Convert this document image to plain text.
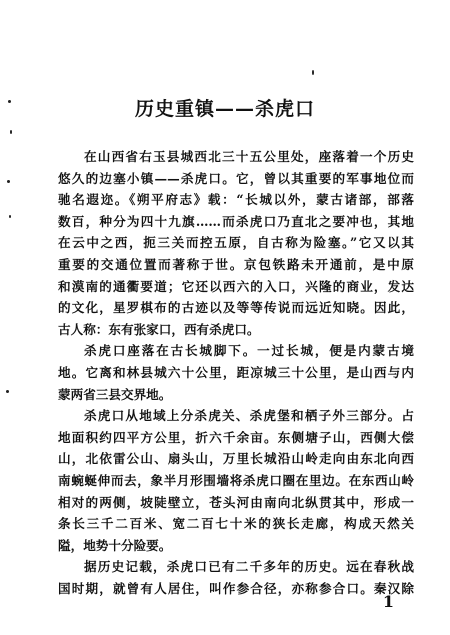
历史重镇——杀虎口
在山西省右玉县城西北三十五公里处，座落着一个历史
悠久的边塞小镇——杀虎口。它，曾以其重要的军事地位而
驰名遐迩。《朔平府志》载：“长城以外，蒙古诸部，部落
数百，种分为四十九旗……而杀虎口乃直北之要冲也，其地
在云中之西，扼三关而控五原，自古称为险塞。”它又以其
重要的交通位置而著称于世。京包铁路未开通前，是中原
和漠南的通衢要道；它还以西六的入口，兴隆的商业，发达
的文化，星罗棋布的古迹以及等等传说而远近知晓。因此，
古人称：东有张家口，西有杀虎口。
杀虎口座落在古长城脚下。一过长城，便是内蒙古境
地。它离和林县城六十公里，距凉城三十公里，是山西与内
蒙两省三县交界地。
杀虎口从地域上分杀虎关、杀虎堡和栖子外三部分。占
地面积约四平方公里，折六千余亩。东侧塘子山，西侧大偿
山，北依雷公山、扇头山，万里长城沿山岭走向由东北向西
南蜿蜒伸而去，象半月形围墙将杀虎口圈在里边。在东西山岭
相对的两侧，坡陡壁立，苍头河由南向北纵贯其中，形成一
条长三千二百米、宽二百七十米的狭长走廊，构成天然关
隘，地势十分险要。
据历史记载，杀虎口已有二千多年的历史。远在春秋战
国时期，就曾有人居住，叫作参合径，亦称参合口。秦汉除
1
